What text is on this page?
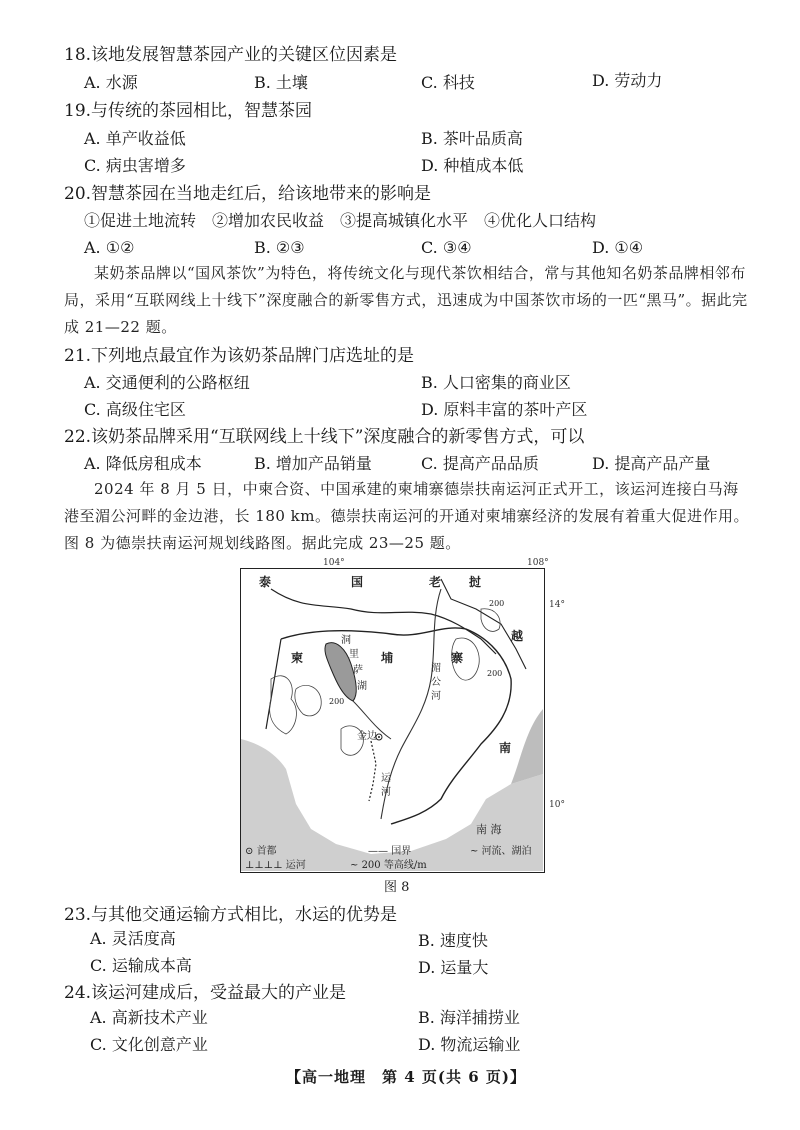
18.该地发展智慧茶园产业的关键区位因素是
A. 水源	B. 土壤	C. 科技	D. 劳动力
19.与传统的茶园相比，智慧茶园
A. 单产收益低	B. 茶叶品质高
C. 病虫害增多	D. 种植成本低
20.智慧茶园在当地走红后，给该地带来的影响是
①促进土地流转　②增加农民收益　③提高城镇化水平　④优化人口结构
A. ①②	B. ②③	C. ③④	D. ①④
某奶茶品牌以“国风茶饮”为特色，将传统文化与现代茶饮相结合，常与其他知名奶茶品牌相邻布局，采用“互联网线上十线下”深度融合的新零售方式，迅速成为中国茶饮市场的一匹“黑马”。据此完成 21—22 题。
21.下列地点最宜作为该奶茶品牌门店选址的是
A. 交通便利的公路枢纽	B. 人口密集的商业区
C. 高级住宅区	D. 原料丰富的茶叶产区
22.该奶茶品牌采用“互联网线上十线下”深度融合的新零售方式，可以
A. 降低房租成本	B. 增加产品销量	C. 提高产品品质	D. 提高产品产量
2024 年 8 月 5 日，中柬合资、中国承建的柬埔寨德崇扶南运河正式开工，该运河连接白马海港至湄公河畔的金边港，长 180 km。德崇扶南运河的开通对柬埔寨经济的发展有着重大促进作用。图 8 为德崇扶南运河规划线路图。据此完成 23—25 题。
104°	108°
14°
10°
泰	国	老 挝
越
南
柬	埔	寨
南 海
湄
公
河
洞
里
萨
湖
金边
运
河
200
200
200
⊙ 首都	—— 国界	~ 河流、湖泊
⊥⊥⊥⊥ 运河	~ 200 等高线/m
图 8
23.与其他交通运输方式相比，水运的优势是
A. 灵活度高	B. 速度快
C. 运输成本高	D. 运量大
24.该运河建成后，受益最大的产业是
A. 高新技术产业	B. 海洋捕捞业
C. 文化创意产业	D. 物流运输业
【高一地理　第 4 页(共 6 页)】
